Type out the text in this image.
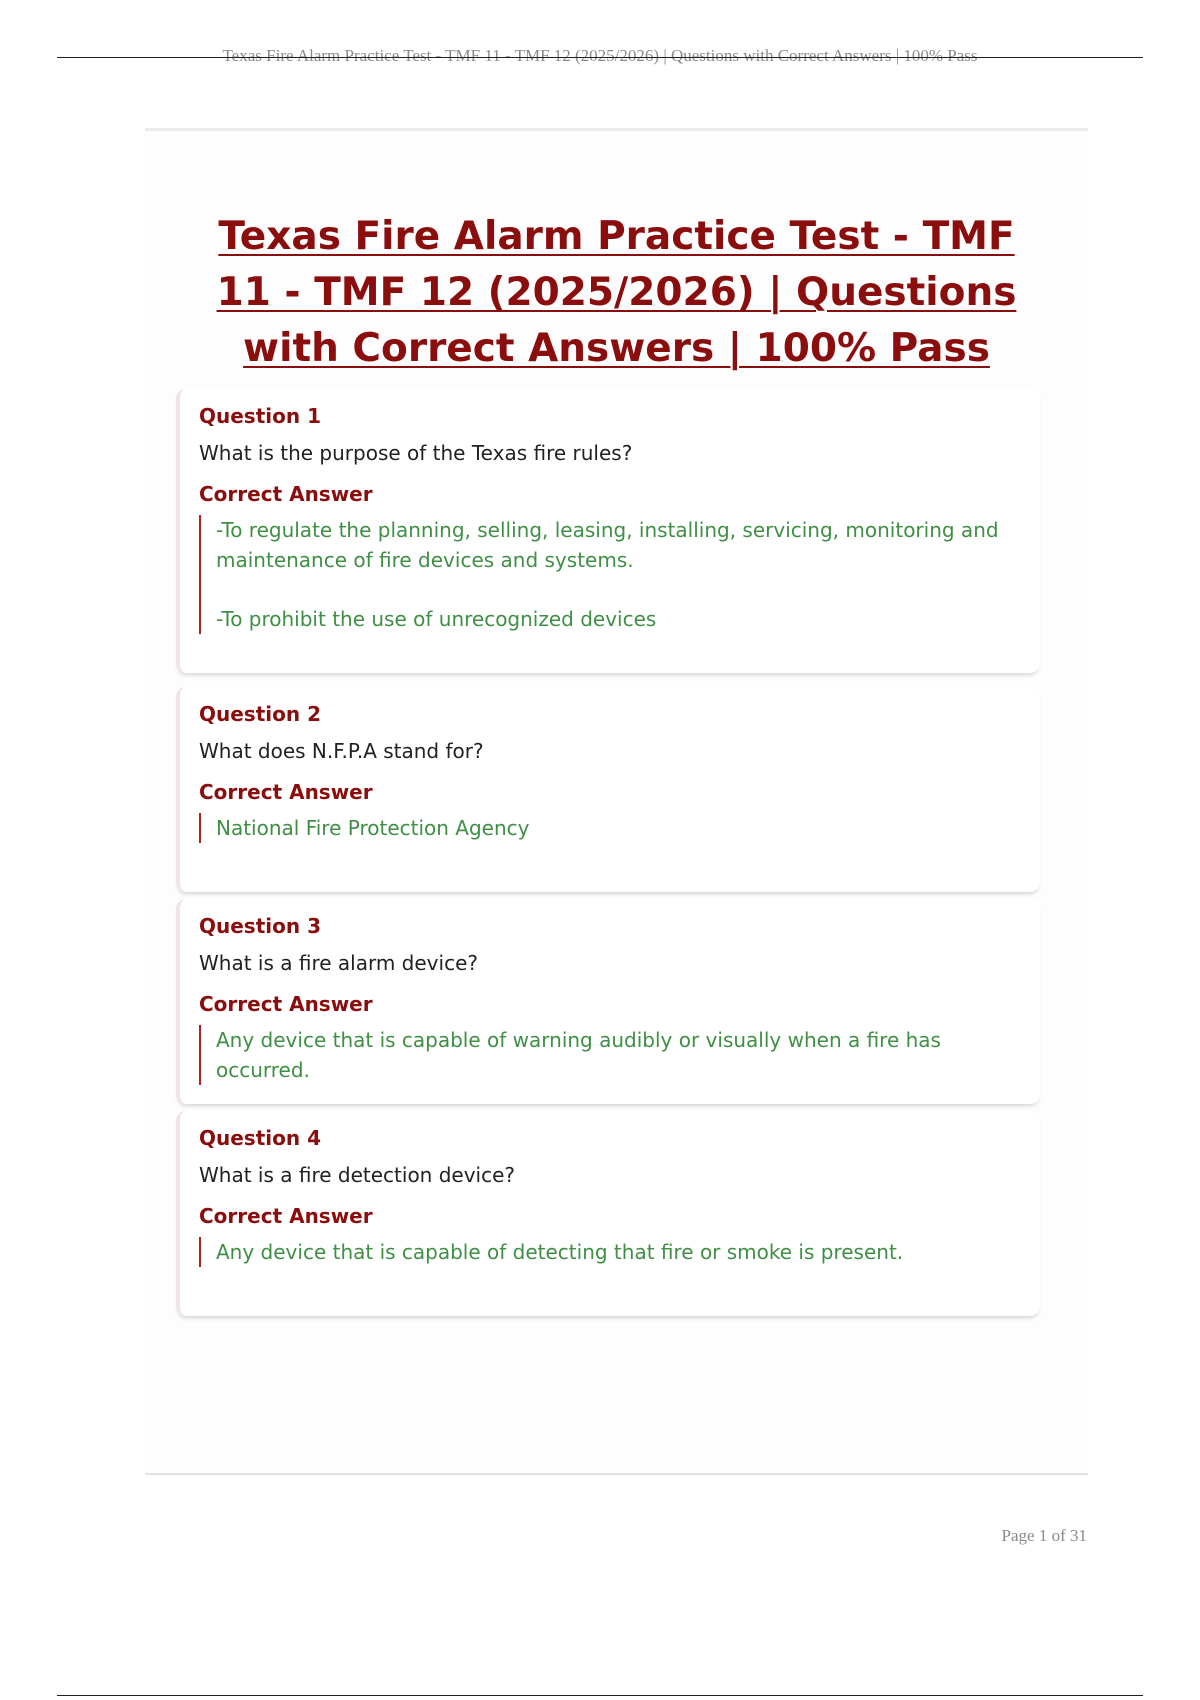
Texas Fire Alarm Practice Test - TMF 11 - TMF 12 (2025/2026) | Questions with Correct Answers | 100% Pass
Texas Fire Alarm Practice Test - TMF 11 - TMF 12 (2025/2026) | Questions with Correct Answers | 100% Pass
Question 1
What is the purpose of the Texas fire rules?
Correct Answer

-To regulate the planning, selling, leasing, installing, servicing, monitoring and maintenance of fire devices and systems.

-To prohibit the use of unrecognized devices

Question 2
What does N.F.P.A stand for?
Correct Answer

National Fire Protection Agency

Question 3
What is a fire alarm device?
Correct Answer

Any device that is capable of warning audibly or visually when a fire has occurred.

Question 4
What is a fire detection device?
Correct Answer

Any device that is capable of detecting that fire or smoke is present.

Page 1 of 31
